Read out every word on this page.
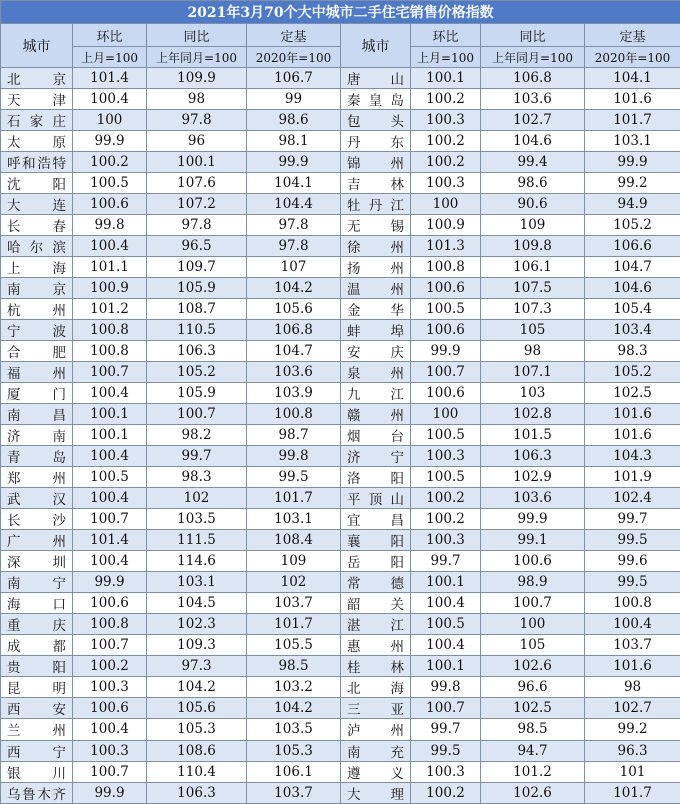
2021年3月70个大中城市二手住宅销售价格指数							
城市	环比	同比	定基	城市	环比	同比	定基
	上月=100	上年同月=100	2020年=100		上月=100	上年同月=100	2020年=100
北京	101.4	109.9	106.7	唐山	100.1	106.8	104.1
天津	100.4	98	99	秦皇岛	100.2	103.6	101.6
石家庄	100	97.8	98.6	包头	100.3	102.7	101.7
太原	99.9	96	98.1	丹东	100.2	104.6	103.1
呼和浩特	100.2	100.1	99.9	锦州	100.2	99.4	99.9
沈阳	100.5	107.6	104.1	吉林	100.3	98.6	99.2
大连	100.6	107.2	104.4	牡丹江	100	90.6	94.9
长春	99.8	97.8	97.8	无锡	100.9	109	105.2
哈尔滨	100.4	96.5	97.8	徐州	101.3	109.8	106.6
上海	101.1	109.7	107	扬州	100.8	106.1	104.7
南京	100.9	105.9	104.2	温州	100.6	107.5	104.6
杭州	101.2	108.7	105.6	金华	100.5	107.3	105.4
宁波	100.8	110.5	106.8	蚌埠	100.6	105	103.4
合肥	100.8	106.3	104.7	安庆	99.9	98	98.3
福州	100.7	105.2	103.6	泉州	100.7	107.1	105.2
厦门	100.4	105.9	103.9	九江	100.6	103	102.5
南昌	100.1	100.7	100.8	赣州	100	102.8	101.6
济南	100.1	98.2	98.7	烟台	100.5	101.5	101.6
青岛	100.4	99.7	99.8	济宁	100.3	106.3	104.3
郑州	100.5	98.3	99.5	洛阳	100.5	102.9	101.9
武汉	100.4	102	101.7	平顶山	100.2	103.6	102.4
长沙	100.7	103.5	103.1	宜昌	100.2	99.9	99.7
广州	101.4	111.5	108.4	襄阳	100.3	99.1	99.5
深圳	100.4	114.6	109	岳阳	99.7	100.6	99.6
南宁	99.9	103.1	102	常德	100.1	98.9	99.5
海口	100.6	104.5	103.7	韶关	100.4	100.7	100.8
重庆	100.8	102.3	101.7	湛江	100.5	100	100.4
成都	100.7	109.3	105.5	惠州	100.4	105	103.7
贵阳	100.2	97.3	98.5	桂林	100.1	102.6	101.6
昆明	100.3	104.2	103.2	北海	99.8	96.6	98
西安	100.6	105.6	104.2	三亚	100.7	102.5	102.7
兰州	100.4	105.3	103.5	泸州	99.7	98.5	99.2
西宁	100.3	108.6	105.3	南充	99.5	94.7	96.3
银川	100.7	110.4	106.1	遵义	100.3	101.2	101
乌鲁木齐	99.9	106.3	103.7	大理	100.2	102.6	101.7
